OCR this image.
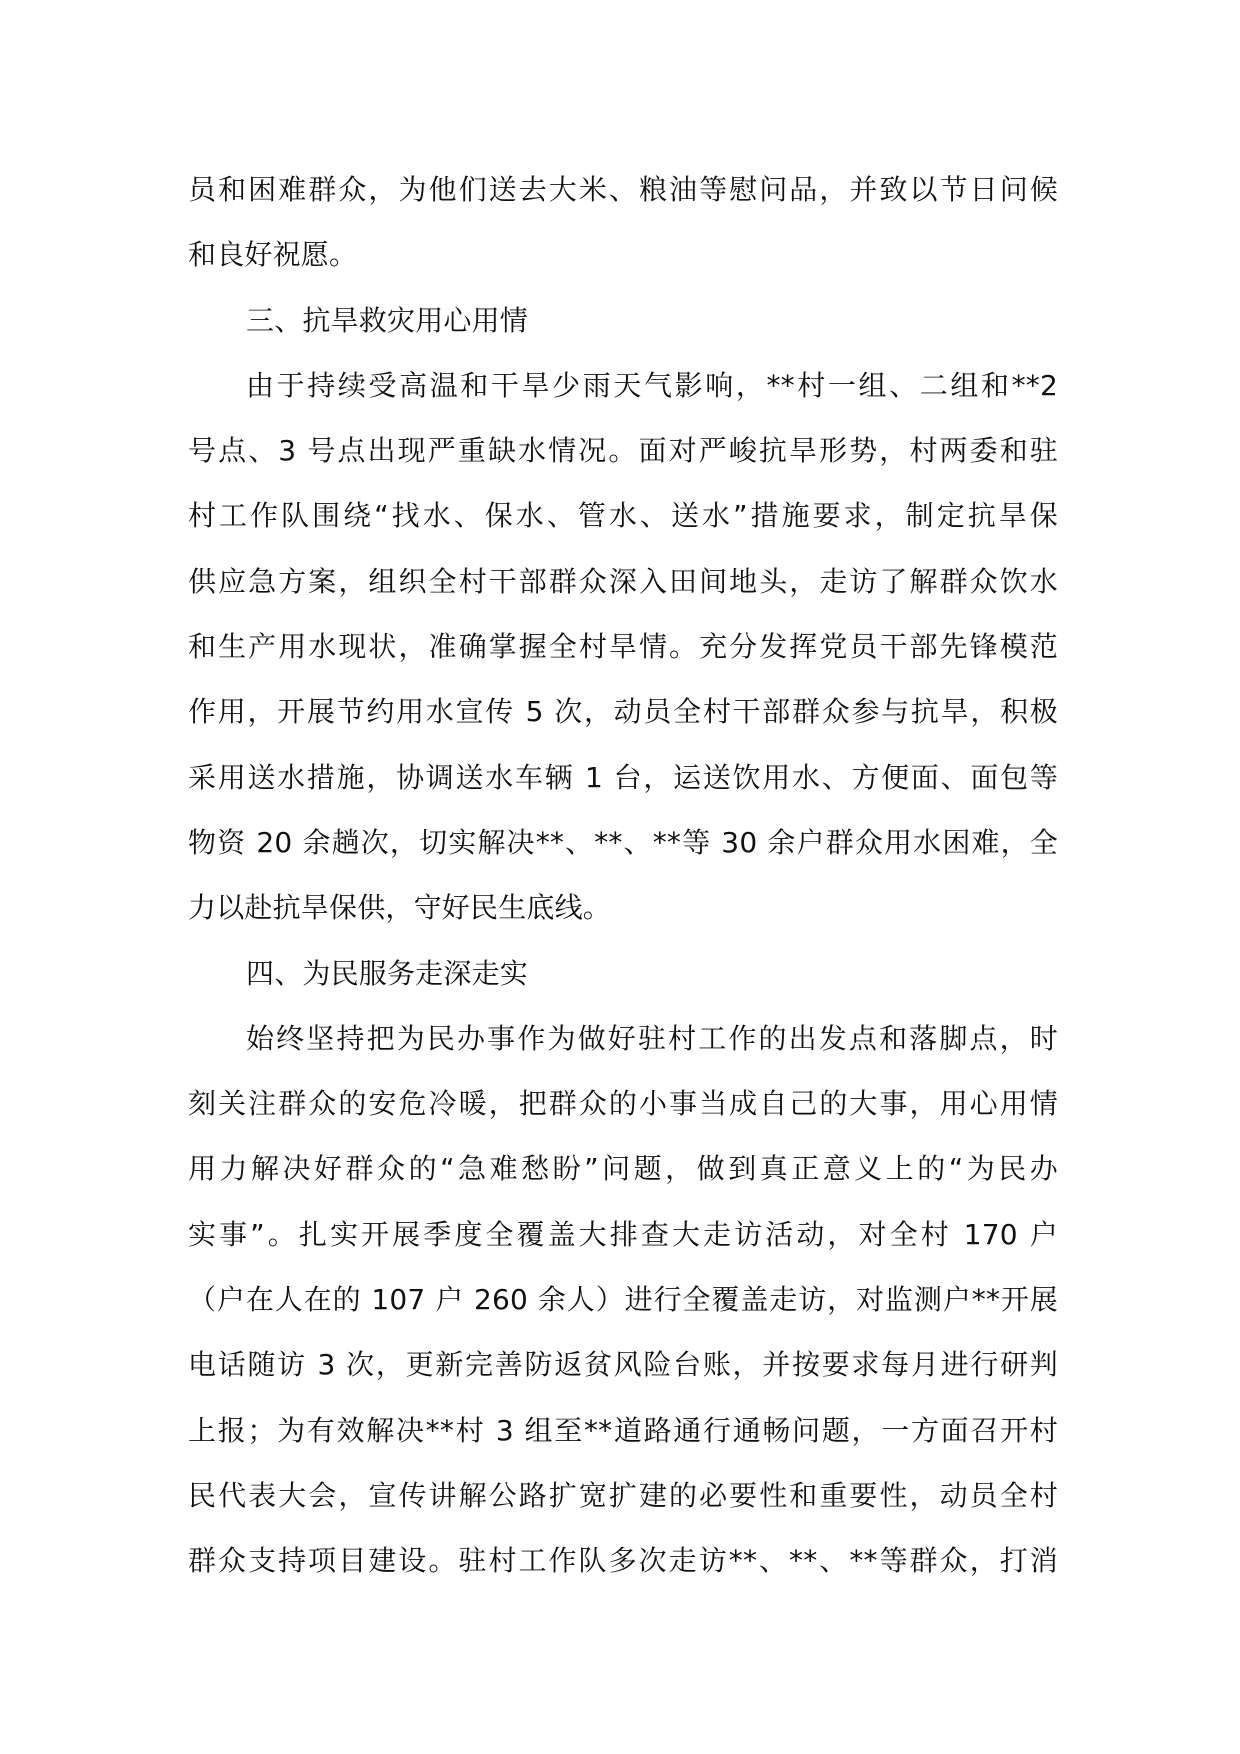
员和困难群众，为他们送去大米、粮油等慰问品，并致以节日问候
和良好祝愿。
三、抗旱救灾用心用情
由于持续受高温和干旱少雨天气影响，**村一组、二组和**2
号点、3 号点出现严重缺水情况。面对严峻抗旱形势，村两委和驻
村工作队围绕“找水、保水、管水、送水”措施要求，制定抗旱保
供应急方案，组织全村干部群众深入田间地头，走访了解群众饮水
和生产用水现状，准确掌握全村旱情。充分发挥党员干部先锋模范
作用，开展节约用水宣传 5 次，动员全村干部群众参与抗旱，积极
采用送水措施，协调送水车辆 1 台，运送饮用水、方便面、面包等
物资 20 余趟次，切实解决**、**、**等 30 余户群众用水困难，全
力以赴抗旱保供，守好民生底线。
四、为民服务走深走实
始终坚持把为民办事作为做好驻村工作的出发点和落脚点，时
刻关注群众的安危冷暖，把群众的小事当成自己的大事，用心用情
用力解决好群众的“急难愁盼”问题，做到真正意义上的“为民办
实事”。扎实开展季度全覆盖大排查大走访活动，对全村 170 户
（户在人在的 107 户 260 余人）进行全覆盖走访，对监测户**开展
电话随访 3 次，更新完善防返贫风险台账，并按要求每月进行研判
上报；为有效解决**村 3 组至**道路通行通畅问题，一方面召开村
民代表大会，宣传讲解公路扩宽扩建的必要性和重要性，动员全村
群众支持项目建设。驻村工作队多次走访**、**、**等群众，打消
